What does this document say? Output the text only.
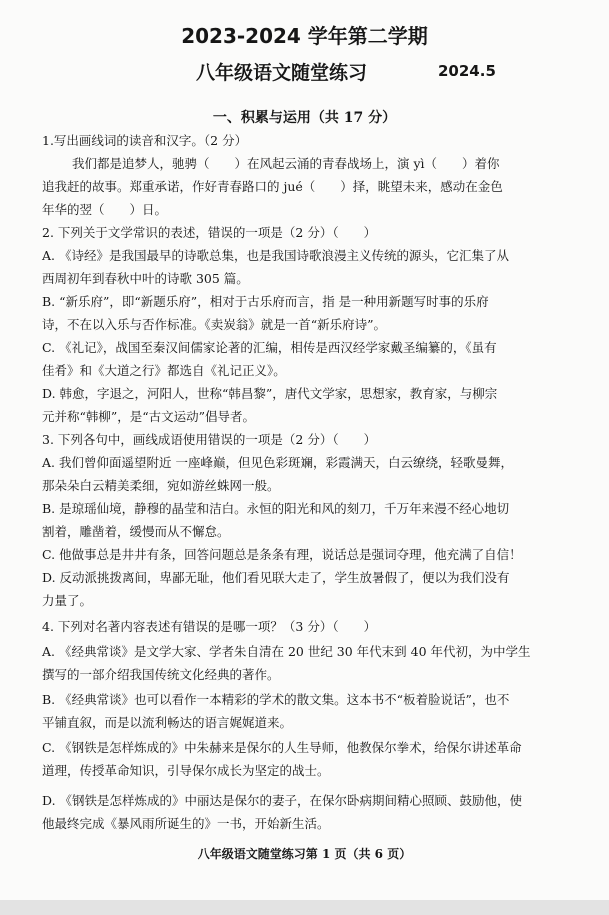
2023-2024 学年第二学期
八年级语文随堂练习	2024.5
一、积累与运用（共 17 分）
1.写出画线词的读音和汉字。（2 分）
我们都是追梦人，驰骋（　　）在风起云涌的青春战场上，演 yì（　　）着你
追我赶的故事。郑重承诺，作好青春路口的 jué（　　）择，眺望未来，感动在金色
年华的翌（　　）日。
2. 下列关于文学常识的表述，错误的一项是（2 分）（　　）
A. 《诗经》是我国最早的诗歌总集，也是我国诗歌浪漫主义传统的源头，它汇集了从
西周初年到春秋中叶的诗歌 305 篇。
B. “新乐府”，即“新题乐府”，相对于古乐府而言，指 是一种用新题写时事的乐府
诗，不在以入乐与否作标准。《卖炭翁》就是一首“新乐府诗”。
C. 《礼记》，战国至秦汉间儒家论著的汇编，相传是西汉经学家戴圣编纂的，《虽有
佳肴》和《大道之行》都选自《礼记正义》。
D. 韩愈，字退之，河阳人，世称“韩昌黎”，唐代文学家，思想家，教育家，与柳宗
元并称“韩柳”，是“古文运动”倡导者。
3. 下列各句中，画线成语使用错误的一项是（2 分）（　　）
A. 我们曾仰面遥望附近 一座峰巅，但见色彩斑斓，彩霞满天，白云缭绕，轻歌曼舞，
那朵朵白云精美柔细，宛如游丝蛛网一般。
B. 是琼瑶仙境，静穆的晶莹和洁白。永恒的阳光和风的刻刀，千万年来漫不经心地切
割着，雕凿着，缓慢而从不懈怠。
C. 他做事总是井井有条，回答问题总是条条有理，说话总是强词夺理，他充满了自信！
D. 反动派挑拨离间，卑鄙无耻，他们看见联大走了，学生放暑假了，便以为我们没有
力量了。
4. 下列对名著内容表述有错误的是哪一项？（3 分）（　　）
A. 《经典常谈》是文学大家、学者朱自清在 20 世纪 30 年代末到 40 年代初，为中学生
撰写的一部介绍我国传统文化经典的著作。
B. 《经典常谈》也可以看作一本精彩的学术的散文集。这本书不“板着脸说话”，也不
平铺直叙，而是以流利畅达的语言娓娓道来。
C. 《钢铁是怎样炼成的》中朱赫来是保尔的人生导师，他教保尔拳术，给保尔讲述革命
道理，传授革命知识，引导保尔成长为坚定的战士。
D. 《钢铁是怎样炼成的》中丽达是保尔的妻子，在保尔卧病期间精心照顾、鼓励他，使
他最终完成《暴风雨所诞生的》一书，开始新生活。
八年级语文随堂练习第 1 页（共 6 页）
